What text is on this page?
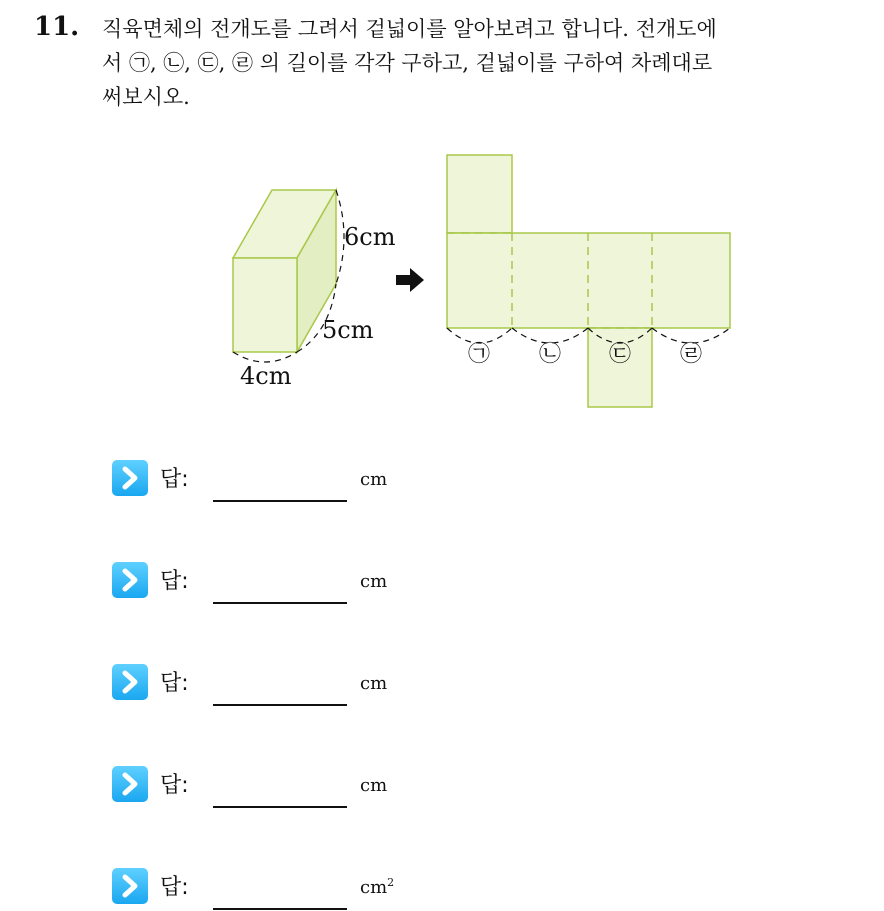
11. 직육면체의 전개도를 그려서 겉넓이를 알아보려고 합니다. 전개도에
서 ㉠, ㉡, ㉢, ㉣ 의 길이를 각각 구하고, 겉넓이를 구하여 차례대로
써보시오.
6cm
5cm
4cm
㉠ ㉡ ㉢ ㉣
답:	cm
답:	cm
답:	cm
답:	cm
답:	$cm^2$
